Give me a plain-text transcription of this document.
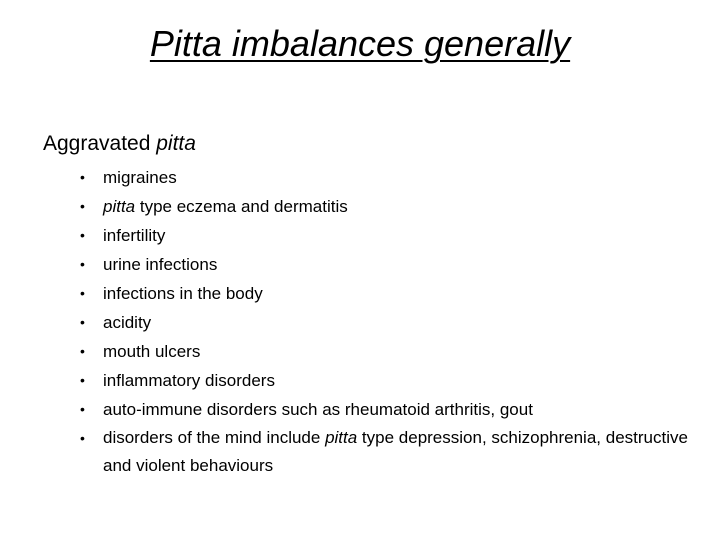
Pitta imbalances generally
Aggravated pitta
• migraines
• pitta type eczema and dermatitis
• infertility
• urine infections
• infections in the body
• acidity
• mouth ulcers
• inflammatory disorders
• auto-immune disorders such as rheumatoid arthritis, gout
• disorders of the mind include pitta type depression, schizophrenia, destructive and violent behaviours
